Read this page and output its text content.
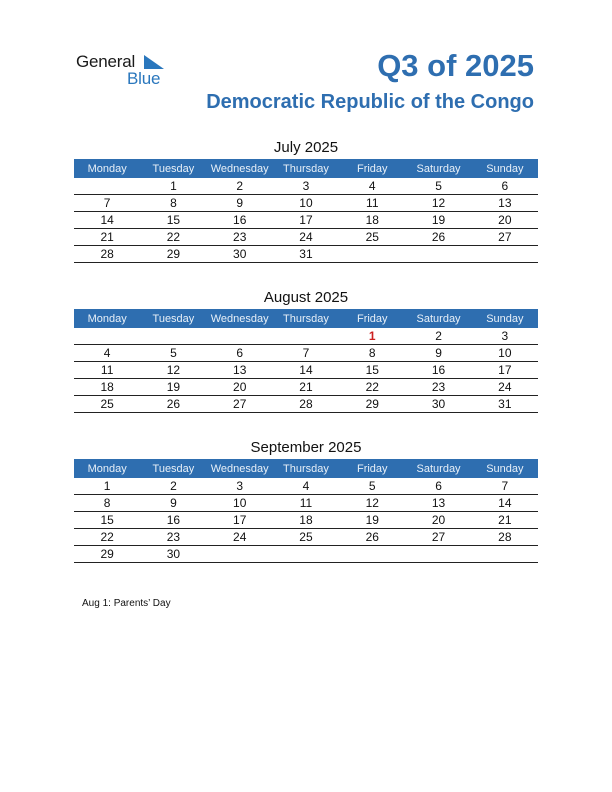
General
Blue	Q3 of 2025
Democratic Republic of the Congo
July 2025
Monday	Tuesday	Wednesday	Thursday	Friday	Saturday	Sunday
	1	2	3	4	5	6
7	8	9	10	11	12	13
14	15	16	17	18	19	20
21	22	23	24	25	26	27
28	29	30	31			
August 2025
Monday	Tuesday	Wednesday	Thursday	Friday	Saturday	Sunday
				1	2	3
4	5	6	7	8	9	10
11	12	13	14	15	16	17
18	19	20	21	22	23	24
25	26	27	28	29	30	31
September 2025
Monday	Tuesday	Wednesday	Thursday	Friday	Saturday	Sunday
1	2	3	4	5	6	7
8	9	10	11	12	13	14
15	16	17	18	19	20	21
22	23	24	25	26	27	28
29	30					
Aug 1: Parents’ Day
